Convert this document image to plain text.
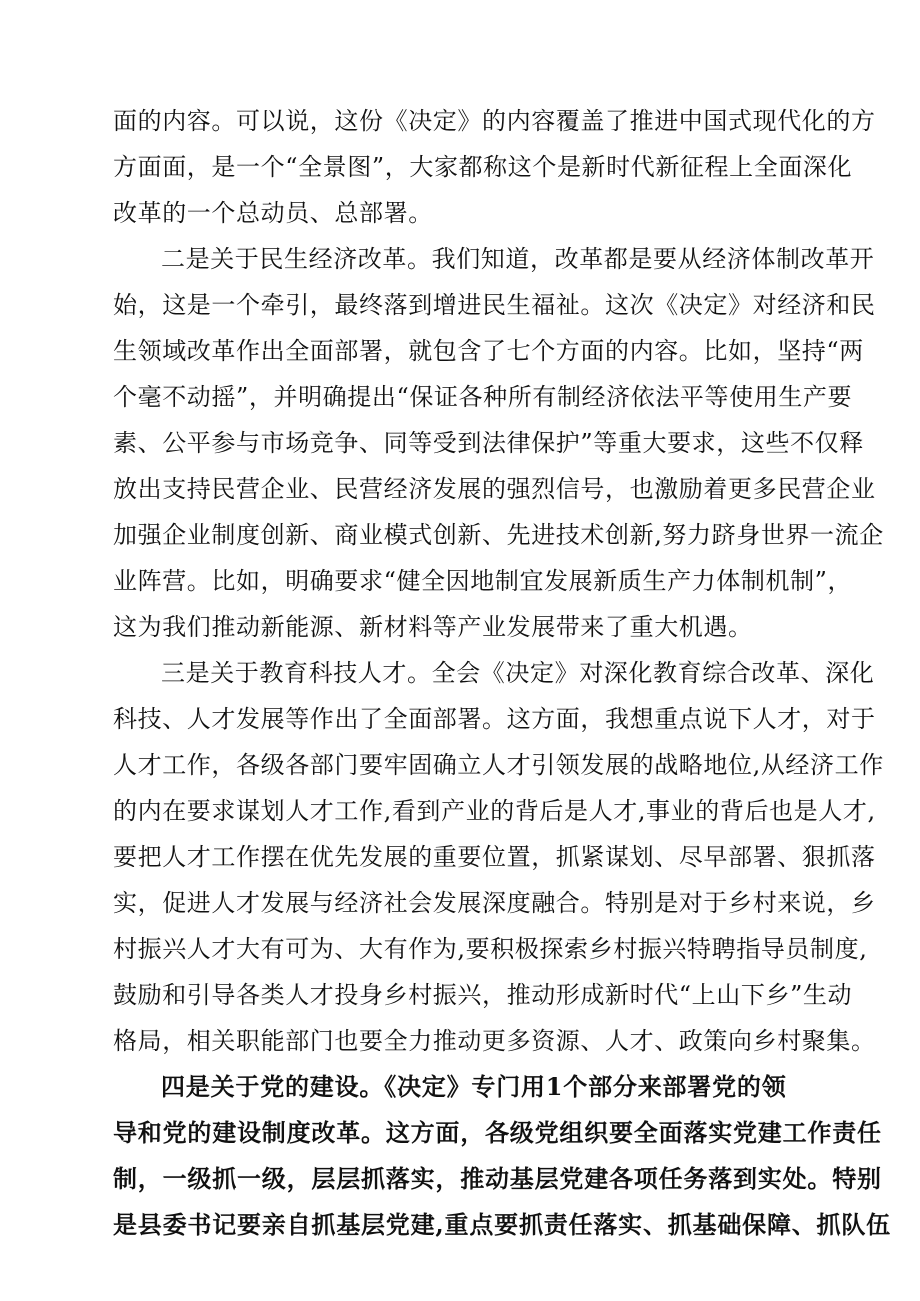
面的内容。可以说，这份《决定》的内容覆盖了推进中国式现代化的方
方面面，是一个“全景图”，大家都称这个是新时代新征程上全面深化
改革的一个总动员、总部署。
二是关于民生经济改革。我们知道，改革都是要从经济体制改革开
始，这是一个牵引，最终落到增进民生福祉。这次《决定》对经济和民
生领域改革作出全面部署，就包含了七个方面的内容。比如，坚持“两
个毫不动摇”，并明确提出“保证各种所有制经济依法平等使用生产要
素、公平参与市场竞争、同等受到法律保护”等重大要求，这些不仅释
放出支持民营企业、民营经济发展的强烈信号，也激励着更多民营企业
加强企业制度创新、商业模式创新、先进技术创新,努力跻身世界一流企
业阵营。比如，明确要求“健全因地制宜发展新质生产力体制机制”，
这为我们推动新能源、新材料等产业发展带来了重大机遇。
三是关于教育科技人才。全会《决定》对深化教育综合改革、深化
科技、人才发展等作出了全面部署。这方面，我想重点说下人才，对于
人才工作，各级各部门要牢固确立人才引领发展的战略地位,从经济工作
的内在要求谋划人才工作,看到产业的背后是人才,事业的背后也是人才,
要把人才工作摆在优先发展的重要位置，抓紧谋划、尽早部署、狠抓落
实，促进人才发展与经济社会发展深度融合。特别是对于乡村来说，乡
村振兴人才大有可为、大有作为,要积极探索乡村振兴特聘指导员制度,
鼓励和引导各类人才投身乡村振兴，推动形成新时代“上山下乡”生动
格局，相关职能部门也要全力推动更多资源、人才、政策向乡村聚集。
四是关于党的建设。《决定》专门用1个部分来部署党的领
导和党的建设制度改革。这方面，各级党组织要全面落实党建工作责任
制，一级抓一级，层层抓落实，推动基层党建各项任务落到实处。特别
是县委书记要亲自抓基层党建,重点要抓责任落实、抓基础保障、抓队伍
